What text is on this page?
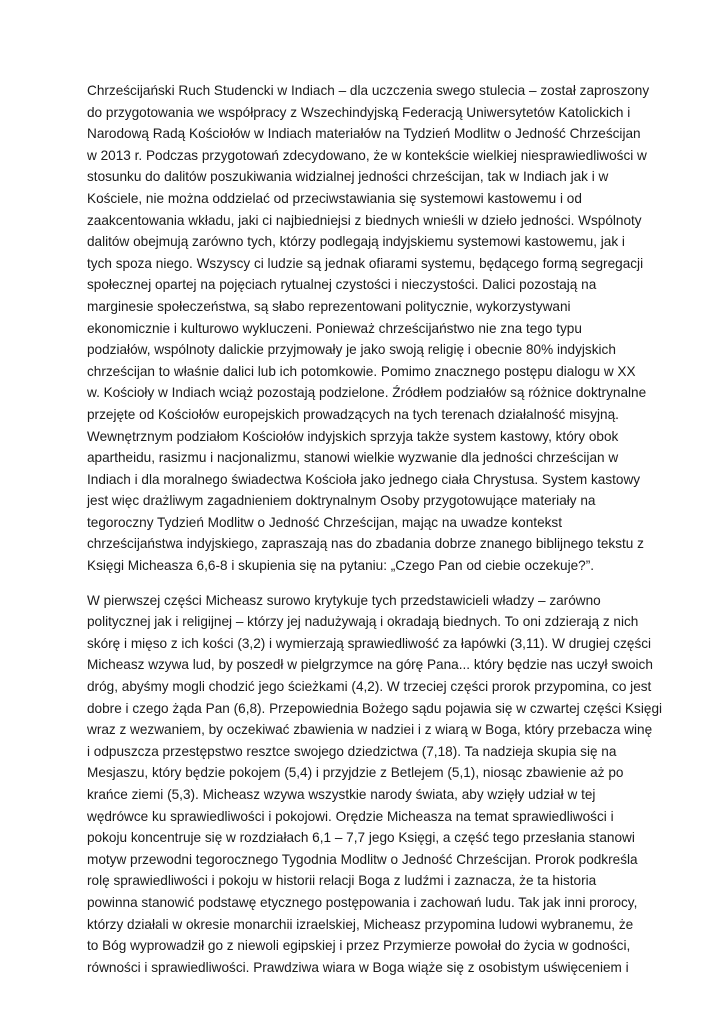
Chrześcijański Ruch Studencki w Indiach – dla uczczenia swego stulecia – został zaproszony
do przygotowania we współpracy z Wszechindyjską Federacją Uniwersytetów Katolickich i
Narodową Radą Kościołów w Indiach materiałów na Tydzień Modlitw o Jedność Chrześcijan
w 2013 r. Podczas przygotowań zdecydowano, że w kontekście wielkiej niesprawiedliwości w
stosunku do dalitów poszukiwania widzialnej jedności chrześcijan, tak w Indiach jak i w
Kościele, nie można oddzielać od przeciwstawiania się systemowi kastowemu i od
zaakcentowania wkładu, jaki ci najbiedniejsi z biednych wnieśli w dzieło jedności. Wspólnoty
dalitów obejmują zarówno tych, którzy podlegają indyjskiemu systemowi kastowemu, jak i
tych spoza niego. Wszyscy ci ludzie są jednak ofiarami systemu, będącego formą segregacji
społecznej opartej na pojęciach rytualnej czystości i nieczystości. Dalici pozostają na
marginesie społeczeństwa, są słabo reprezentowani politycznie, wykorzystywani
ekonomicznie i kulturowo wykluczeni. Ponieważ chrześcijaństwo nie zna tego typu
podziałów, wspólnoty dalickie przyjmowały je jako swoją religię i obecnie 80% indyjskich
chrześcijan to właśnie dalici lub ich potomkowie. Pomimo znacznego postępu dialogu w XX
w. Kościoły w Indiach wciąż pozostają podzielone. Źródłem podziałów są różnice doktrynalne
przejęte od Kościołów europejskich prowadzących na tych terenach działalność misyjną.
Wewnętrznym podziałom Kościołów indyjskich sprzyja także system kastowy, który obok
apartheidu, rasizmu i nacjonalizmu, stanowi wielkie wyzwanie dla jedności chrześcijan w
Indiach i dla moralnego świadectwa Kościoła jako jednego ciała Chrystusa. System kastowy
jest więc drażliwym zagadnieniem doktrynalnym Osoby przygotowujące materiały na
tegoroczny Tydzień Modlitw o Jedność Chrześcijan, mając na uwadze kontekst
chrześcijaństwa indyjskiego, zapraszają nas do zbadania dobrze znanego biblijnego tekstu z
Księgi Micheasza 6,6-8 i skupienia się na pytaniu: „Czego Pan od ciebie oczekuje?”.

W pierwszej części Micheasz surowo krytykuje tych przedstawicieli władzy – zarówno
politycznej jak i religijnej – którzy jej nadużywają i okradają biednych. To oni zdzierają z nich
skórę i mięso z ich kości (3,2) i wymierzają sprawiedliwość za łapówki (3,11). W drugiej części
Micheasz wzywa lud, by poszedł w pielgrzymce na górę Pana... który będzie nas uczył swoich
dróg, abyśmy mogli chodzić jego ścieżkami (4,2). W trzeciej części prorok przypomina, co jest
dobre i czego żąda Pan (6,8). Przepowiednia Bożego sądu pojawia się w czwartej części Księgi
wraz z wezwaniem, by oczekiwać zbawienia w nadziei i z wiarą w Boga, który przebacza winę
i odpuszcza przestępstwo resztce swojego dziedzictwa (7,18). Ta nadzieja skupia się na
Mesjaszu, który będzie pokojem (5,4) i przyjdzie z Betlejem (5,1), niosąc zbawienie aż po
krańce ziemi (5,3). Micheasz wzywa wszystkie narody świata, aby wzięły udział w tej
wędrówce ku sprawiedliwości i pokojowi. Orędzie Micheasza na temat sprawiedliwości i
pokoju koncentruje się w rozdziałach 6,1 – 7,7 jego Księgi, a część tego przesłania stanowi
motyw przewodni tegorocznego Tygodnia Modlitw o Jedność Chrześcijan. Prorok podkreśla
rolę sprawiedliwości i pokoju w historii relacji Boga z ludźmi i zaznacza, że ta historia
powinna stanowić podstawę etycznego postępowania i zachowań ludu. Tak jak inni prorocy,
którzy działali w okresie monarchii izraelskiej, Micheasz przypomina ludowi wybranemu, że
to Bóg wyprowadził go z niewoli egipskiej i przez Przymierze powołał do życia w godności,
równości i sprawiedliwości. Prawdziwa wiara w Boga wiąże się z osobistym uświęceniem i
